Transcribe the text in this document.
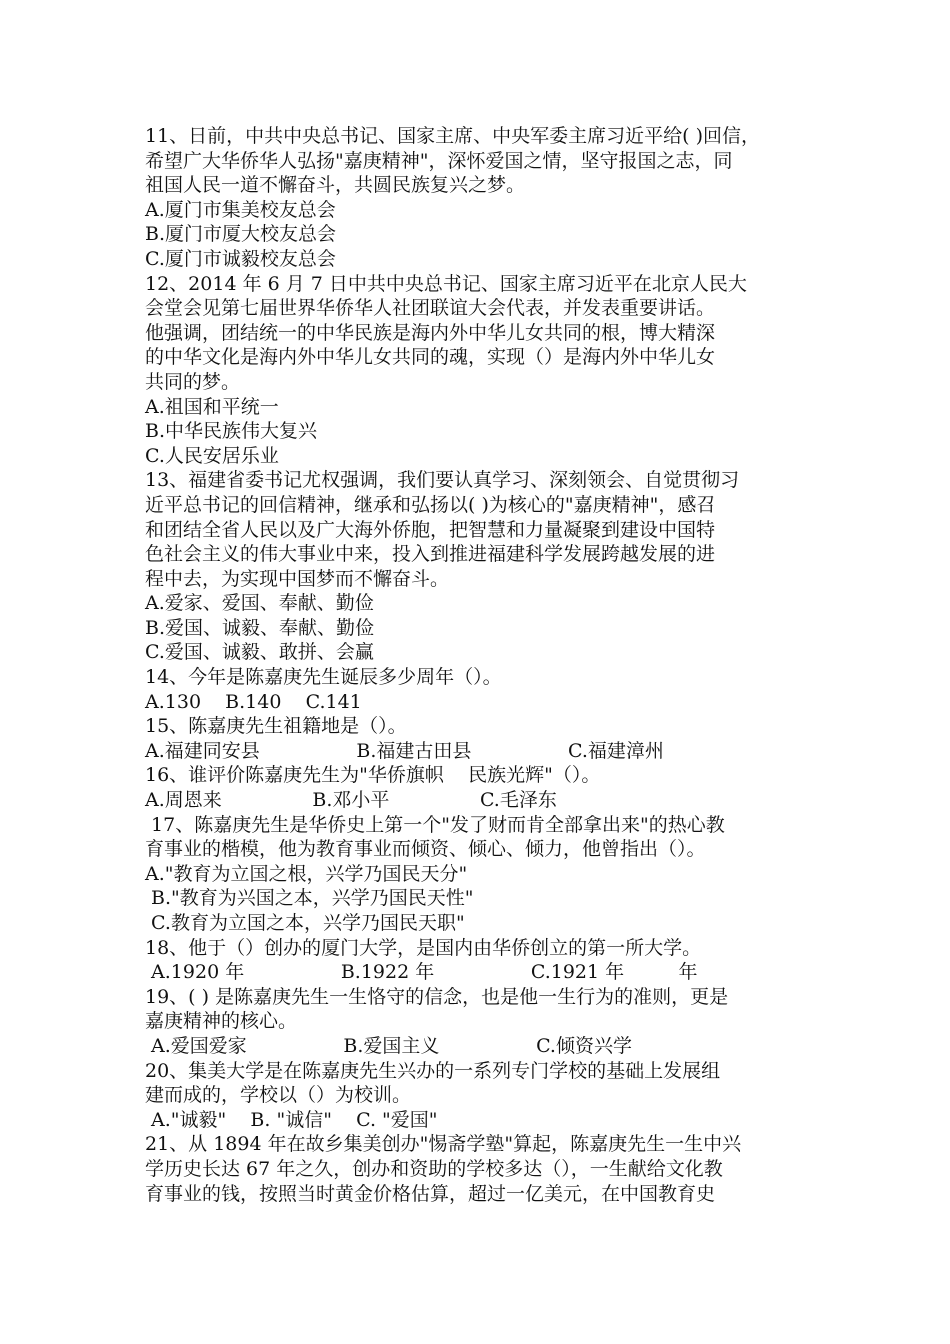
11、日前，中共中央总书记、国家主席、中央军委主席习近平给( )回信，
希望广大华侨华人弘扬"嘉庚精神"，深怀爱国之情，坚守报国之志，同
祖国人民一道不懈奋斗，共圆民族复兴之梦。
A.厦门市集美校友总会
B.厦门市厦大校友总会
C.厦门市诚毅校友总会
12、2014 年 6 月 7 日中共中央总书记、国家主席习近平在北京人民大
会堂会见第七届世界华侨华人社团联谊大会代表，并发表重要讲话。
他强调，团结统一的中华民族是海内外中华儿女共同的根，博大精深
的中华文化是海内外中华儿女共同的魂，实现（）是海内外中华儿女
共同的梦。
A.祖国和平统一
B.中华民族伟大复兴
C.人民安居乐业
13、福建省委书记尤权强调，我们要认真学习、深刻领会、自觉贯彻习
近平总书记的回信精神，继承和弘扬以( )为核心的"嘉庚精神"，感召
和团结全省人民以及广大海外侨胞，把智慧和力量凝聚到建设中国特
色社会主义的伟大事业中来，投入到推进福建科学发展跨越发展的进
程中去，为实现中国梦而不懈奋斗。
A.爱家、爱国、奉献、勤俭
B.爱国、诚毅、奉献、勤俭
C.爱国、诚毅、敢拼、会赢
14、今年是陈嘉庚先生诞辰多少周年（）。
A.130    B.140    C.141
15、陈嘉庚先生祖籍地是（）。
A.福建同安县                B.福建古田县                C.福建漳州
16、谁评价陈嘉庚先生为"华侨旗帜    民族光辉"（）。
A.周恩来               B.邓小平               C.毛泽东
17、陈嘉庚先生是华侨史上第一个"发了财而肯全部拿出来"的热心教
育事业的楷模，他为教育事业而倾资、倾心、倾力，他曾指出（）。
A."教育为立国之根，兴学乃国民天分"
B."教育为兴国之本，兴学乃国民天性"
C.教育为立国之本，兴学乃国民天职"
18、他于（）创办的厦门大学，是国内由华侨创立的第一所大学。
A.1920 年                B.1922 年                C.1921 年         年
19、( ) 是陈嘉庚先生一生恪守的信念，也是他一生行为的准则，更是
嘉庚精神的核心。
A.爱国爱家                B.爱国主义                C.倾资兴学
20、集美大学是在陈嘉庚先生兴办的一系列专门学校的基础上发展组
建而成的，学校以（）为校训。
A."诚毅"    B. "诚信"    C. "爱国"
21、从 1894 年在故乡集美创办"惕斋学塾"算起，陈嘉庚先生一生中兴
学历史长达 67 年之久，创办和资助的学校多达（），一生献给文化教
育事业的钱，按照当时黄金价格估算，超过一亿美元，在中国教育史
